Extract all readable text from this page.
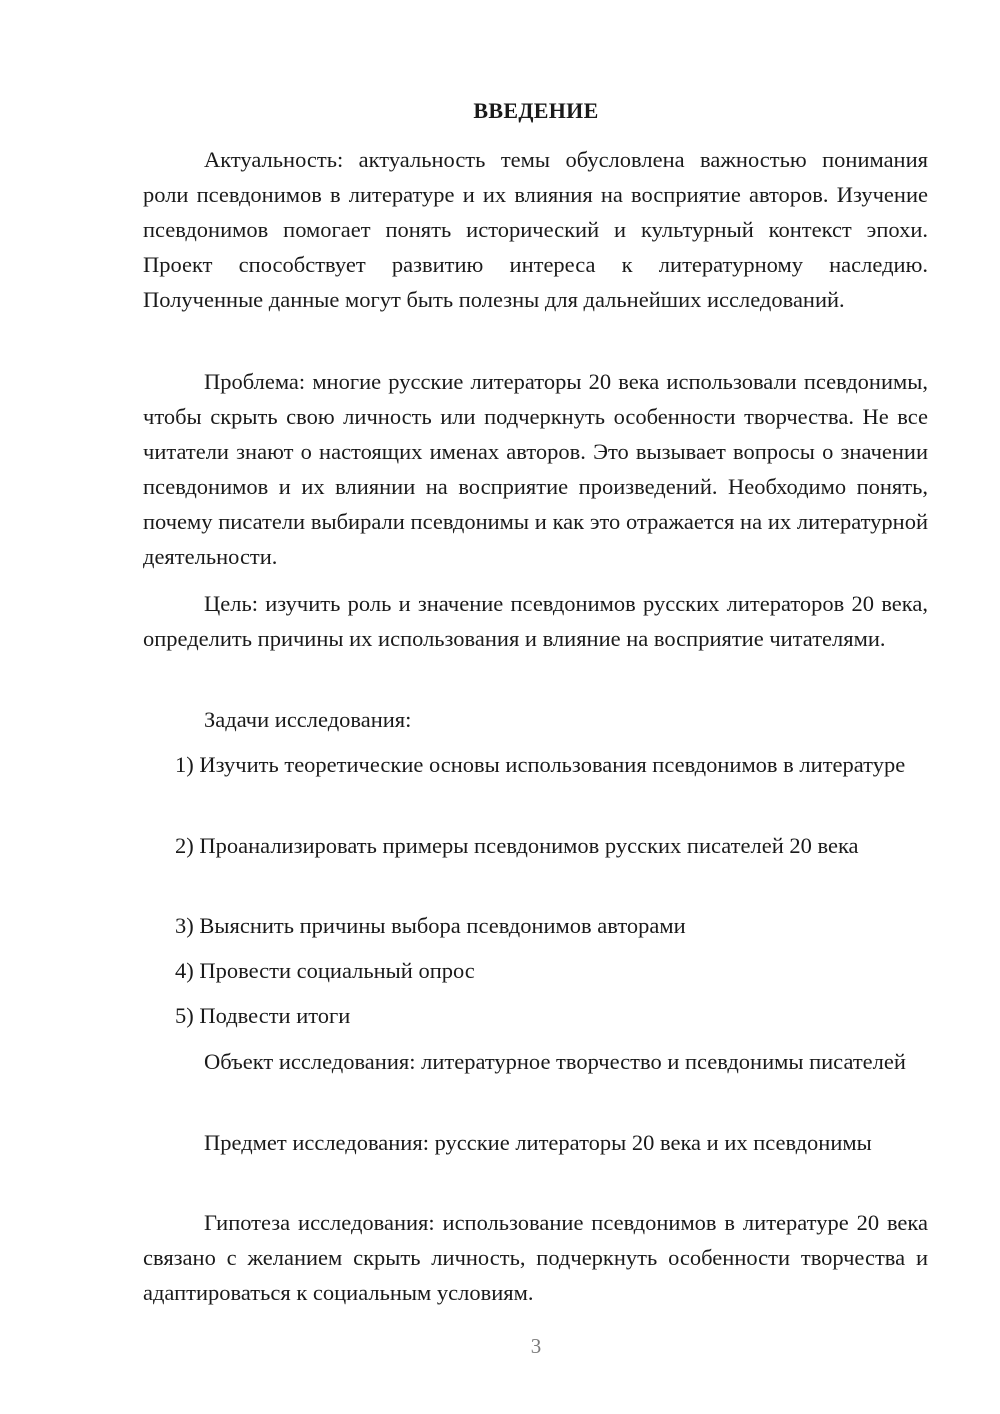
ВВЕДЕНИЕ

Актуальность: актуальность темы обусловлена важностью понимания роли псевдонимов в литературе и их влияния на восприятие авторов. Изучение псевдонимов помогает понять исторический и культурный контекст эпохи. Проект способствует развитию интереса к литературному наследию. Полученные данные могут быть полезны для дальнейших исследований.

Проблема: многие русские литераторы 20 века использовали псевдонимы, чтобы скрыть свою личность или подчеркнуть особенности творчества. Не все читатели знают о настоящих именах авторов. Это вызывает вопросы о значении псевдонимов и их влиянии на восприятие произведений. Необходимо понять, почему писатели выбирали псевдонимы и как это отражается на их литературной деятельности.

Цель: изучить роль и значение псевдонимов русских литераторов 20 века, определить причины их использования и влияние на восприятие читателями.

Задачи исследования:

1) Изучить теоретические основы использования псевдонимов в литературе

2) Проанализировать примеры псевдонимов русских писателей 20 века

3) Выяснить причины выбора псевдонимов авторами

4) Провести социальный опрос

5) Подвести итоги

Объект исследования: литературное творчество и псевдонимы писателей

Предмет исследования: русские литераторы 20 века и их псевдонимы

Гипотеза исследования: использование псевдонимов в литературе 20 века связано с желанием скрыть личность, подчеркнуть особенности творчества и адаптироваться к социальным условиям.

3
